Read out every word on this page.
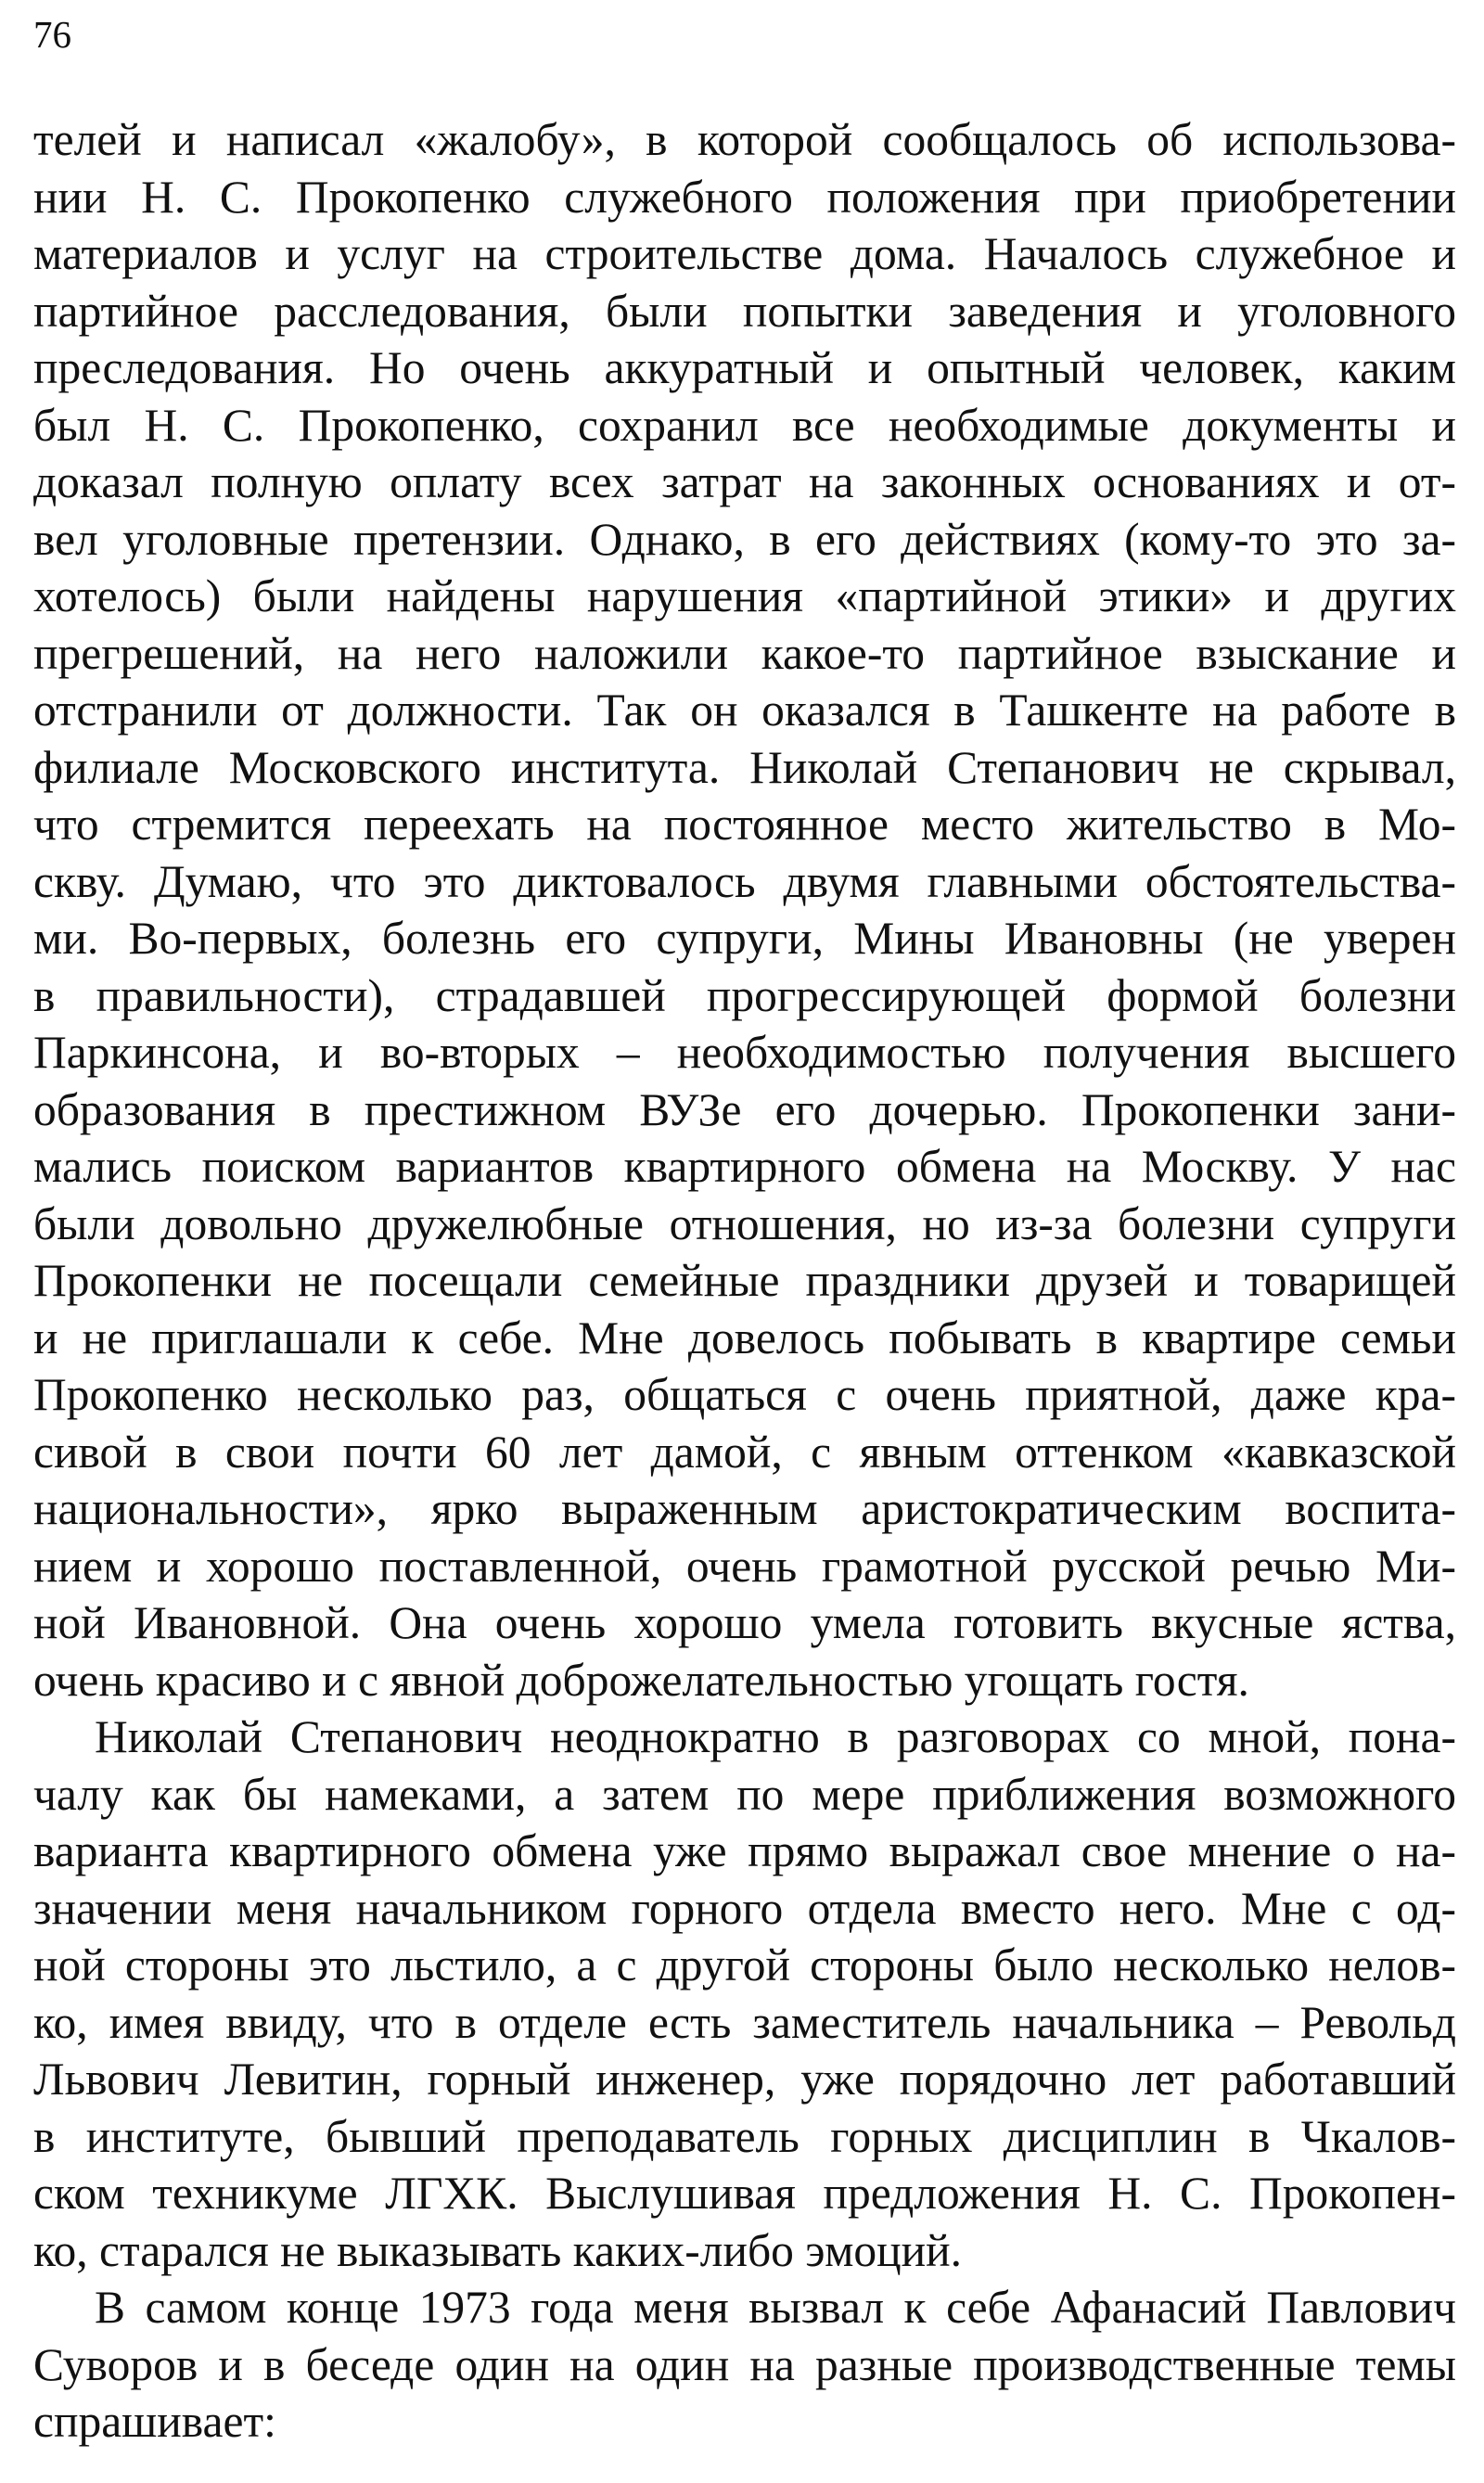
76
телей и написал «жалобу», в которой сообщалось об использова-
нии Н. С. Прокопенко служебного положения при приобретении
материалов и услуг на строительстве дома. Началось служебное и
партийное расследования, были попытки заведения и уголовного
преследования. Но очень аккуратный и опытный человек, каким
был Н. С. Прокопенко, сохранил все необходимые документы и
доказал полную оплату всех затрат на законных основаниях и от-
вел уголовные претензии. Однако, в его действиях (кому-то это за-
хотелось) были найдены нарушения «партийной этики» и других
прегрешений, на него наложили какое-то партийное взыскание и
отстранили от должности. Так он оказался в Ташкенте на работе в
филиале Московского института. Николай Степанович не скрывал,
что стремится переехать на постоянное место жительство в Мо-
скву. Думаю, что это диктовалось двумя главными обстоятельства-
ми. Во-первых, болезнь его супруги, Мины Ивановны (не уверен
в правильности), страдавшей прогрессирующей формой болезни
Паркинсона, и во-вторых – необходимостью получения высшего
образования в престижном ВУЗе его дочерью. Прокопенки зани-
мались поиском вариантов квартирного обмена на Москву. У нас
были довольно дружелюбные отношения, но из-за болезни супруги
Прокопенки не посещали семейные праздники друзей и товарищей
и не приглашали к себе. Мне довелось побывать в квартире семьи
Прокопенко несколько раз, общаться с очень приятной, даже кра-
сивой в свои почти 60 лет дамой, с явным оттенком «кавказской
национальности», ярко выраженным аристократическим воспита-
нием и хорошо поставленной, очень грамотной русской речью Ми-
ной Ивановной. Она очень хорошо умела готовить вкусные яства,
очень красиво и с явной доброжелательностью угощать гостя.
Николай Степанович неоднократно в разговорах со мной, пона-
чалу как бы намеками, а затем по мере приближения возможного
варианта квартирного обмена уже прямо выражал свое мнение о на-
значении меня начальником горного отдела вместо него. Мне с од-
ной стороны это льстило, а с другой стороны было несколько нелов-
ко, имея ввиду, что в отделе есть заместитель начальника – Револьд
Львович Левитин, горный инженер, уже порядочно лет работавший
в институте, бывший преподаватель горных дисциплин в Чкалов-
ском техникуме ЛГХК. Выслушивая предложения Н. С. Прокопен-
ко, старался не выказывать каких-либо эмоций.
В самом конце 1973 года меня вызвал к себе Афанасий Павлович
Суворов и в беседе один на один на разные производственные темы
спрашивает:
